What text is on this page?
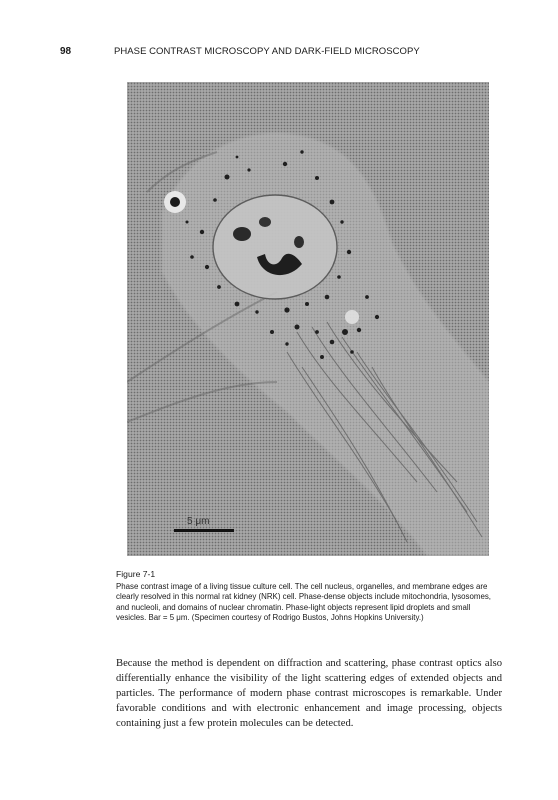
98	PHASE CONTRAST MICROSCOPY AND DARK-FIELD MICROSCOPY
5 μm
Figure 7-1
Phase contrast image of a living tissue culture cell. The cell nucleus, organelles, and membrane edges are clearly resolved in this normal rat kidney (NRK) cell. Phase-dense objects include mitochondria, lysosomes, and nucleoli, and domains of nuclear chromatin. Phase-light objects represent lipid droplets and small vesicles. Bar = 5 μm. (Specimen courtesy of Rodrigo Bustos, Johns Hopkins University.)

Because the method is dependent on diffraction and scattering, phase contrast optics also differentially enhance the visibility of the light scattering edges of extended objects and particles. The performance of modern phase contrast microscopes is remarkable. Under favorable conditions and with electronic enhancement and image processing, objects containing just a few protein molecules can be detected.
